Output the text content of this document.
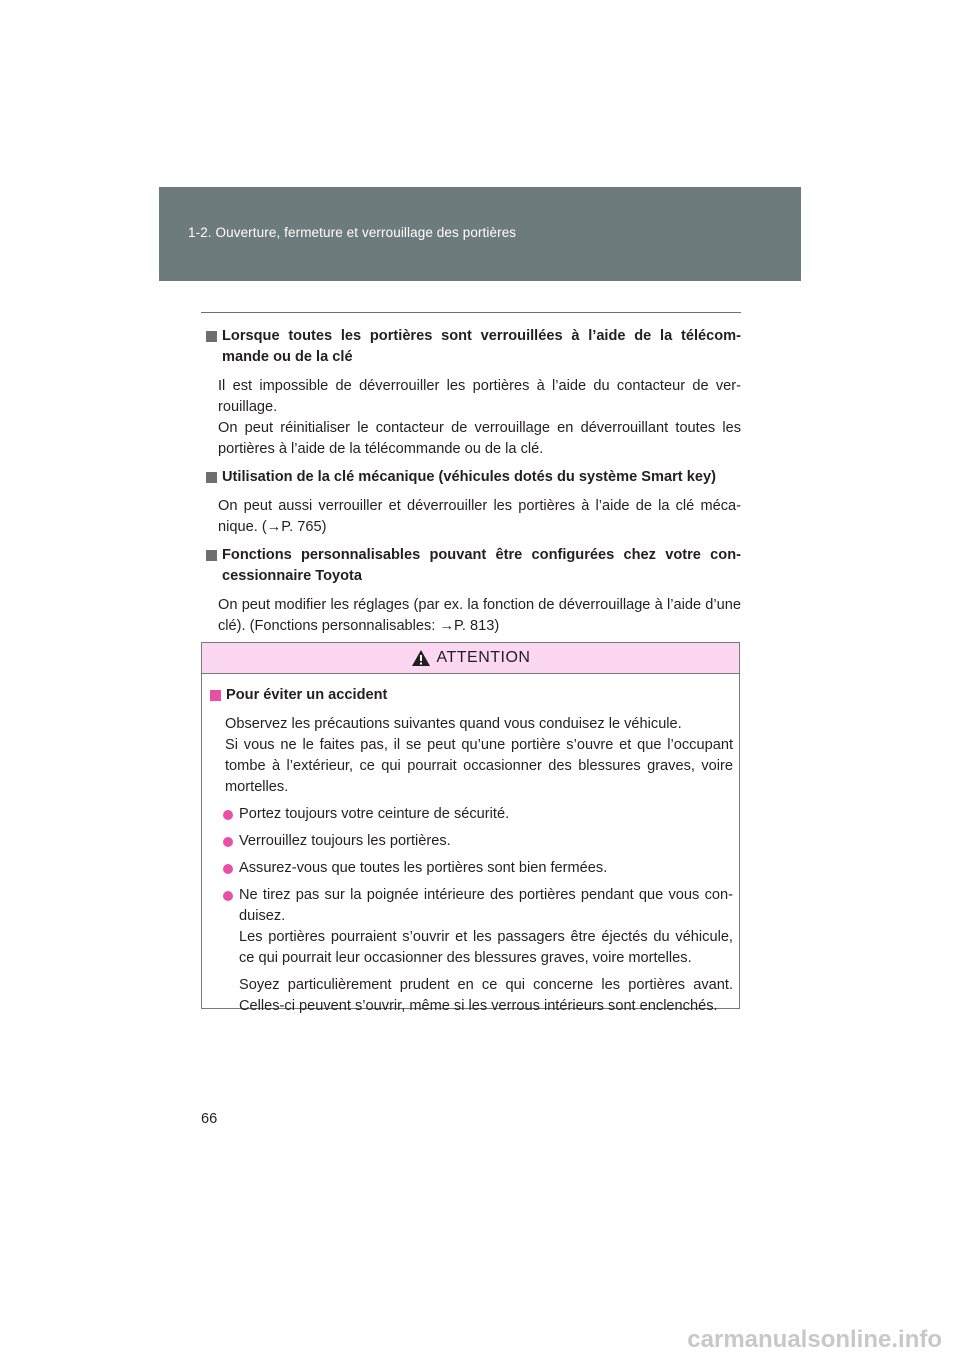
1-2. Ouverture, fermeture et verrouillage des portières
Lorsque toutes les portières sont verrouillées à l’aide de la télécom-mande ou de la clé

Il est impossible de déverrouiller les portières à l’aide du contacteur de ver-rouillage.

On peut réinitialiser le contacteur de verrouillage en déverrouillant toutes les portières à l’aide de la télécommande ou de la clé.

Utilisation de la clé mécanique (véhicules dotés du système Smart key)

On peut aussi verrouiller et déverrouiller les portières à l’aide de la clé méca-nique. (→P. 765)

Fonctions personnalisables pouvant être configurées chez votre con-cessionnaire Toyota

On peut modifier les réglages (par ex. la fonction de déverrouillage à l’aide d’une clé). (Fonctions personnalisables: →P. 813)

ATTENTION
Pour éviter un accident

Observez les précautions suivantes quand vous conduisez le véhicule.

Si vous ne le faites pas, il se peut qu’une portière s’ouvre et que l’occupant tombe à l’extérieur, ce qui pourrait occasionner des blessures graves, voire mortelles.

Portez toujours votre ceinture de sécurité.

Verrouillez toujours les portières.

Assurez-vous que toutes les portières sont bien fermées.

Ne tirez pas sur la poignée intérieure des portières pendant que vous con-duisez.

Les portières pourraient s’ouvrir et les passagers être éjectés du véhicule, ce qui pourrait leur occasionner des blessures graves, voire mortelles.

Soyez particulièrement prudent en ce qui concerne les portières avant. Celles-ci peuvent s’ouvrir, même si les verrous intérieurs sont enclenchés.
66
carmanualsonline.info
